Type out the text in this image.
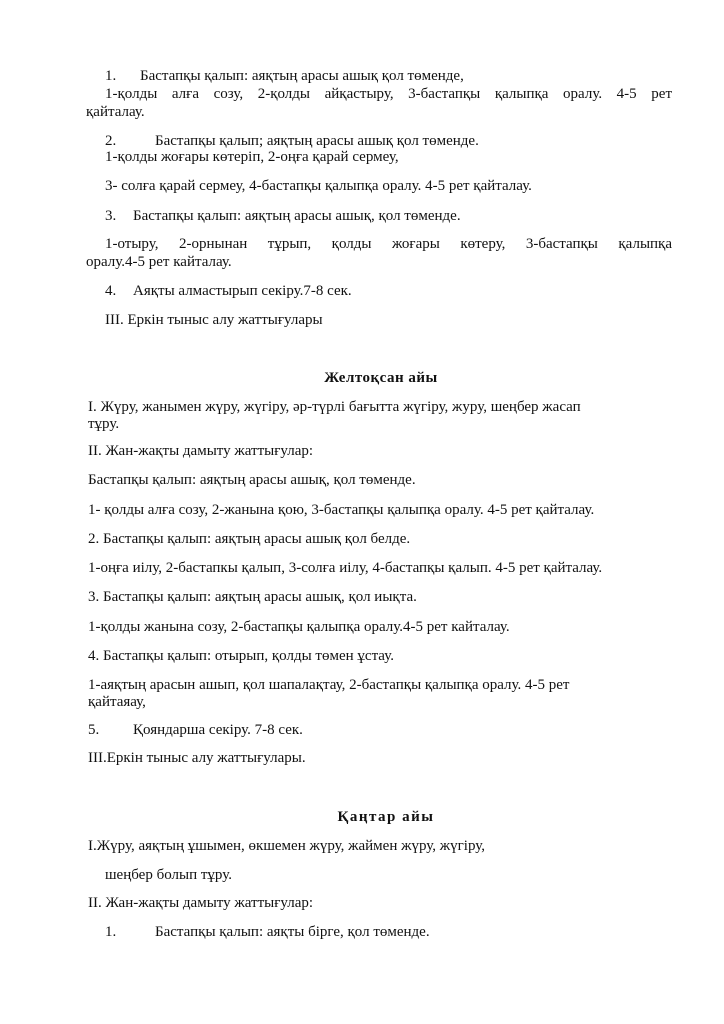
1. Бастапқы қалып: аяқтың арасы ашық қол төменде,
1-қолды алға созу, 2-қолды айқастыру, 3-бастапқы қалыпқа оралу. 4-5 рет
қайталау.
2.	Бастапқы қалып; аяқтың арасы ашық қол төменде.
1-қолды жоғары көтеріп, 2-оңға қарай сермеу,
3- солға қарай сермеу, 4-бастапқы қалыпқа оралу. 4-5 рет қайталау.
3. Бастапқы қалып: аяқтың арасы ашық, қол төменде.
1-отыру, 2-орнынан тұрып, қолды жоғары көтеру, 3-бастапқы қалыпқа
оралу.4-5 рет кайталау.
4. Аяқты алмастырып секіру.7-8 сек.
III. Еркін тыныс алу жаттығулары
Желтоқсан айы
I. Жүру, жанымен жүру, жүгіру, әр-түрлі бағытта жүгіру, журу, шеңбер жасап
тұру.
II. Жан-жақты дамыту жаттығулар:
Бастапқы қалып: аяқтың арасы ашық, қол төменде.
1- қолды алға созу, 2-жанына қою, 3-бастапқы қалыпқа оралу. 4-5 рет қайталау.
2. Бастапқы қалып: аяқтың арасы ашық қол белде.
1-оңға иілу, 2-бастапкы қалып, 3-солға иілу, 4-бастапқы қалып. 4-5 рет қайталау.
3. Бастапқы қалып: аяқтың арасы ашық, қол иықта.
1-қолды жанына созу, 2-бастапқы қалыпқа оралу.4-5 рет кайталау.
4. Бастапқы қалып: отырып, қолды төмен ұстау.
1-аяқтың арасын ашып, қол шапалақтау, 2-бастапқы қалыпқа оралу. 4-5 рет
қайтаяау,
5. Қояндарша секіру. 7-8 сек.
III.Еркін тыныс алу жаттығулары.
Қаңтар айы
I.Жүру, аяқтың ұшымен, өкшемен жүру, жаймен жүру, жүгіру,
шеңбер болып тұру.
II. Жан-жақты дамыту жаттығулар:
1.	Бастапқы қалып: аяқты бірге, қол төменде.
